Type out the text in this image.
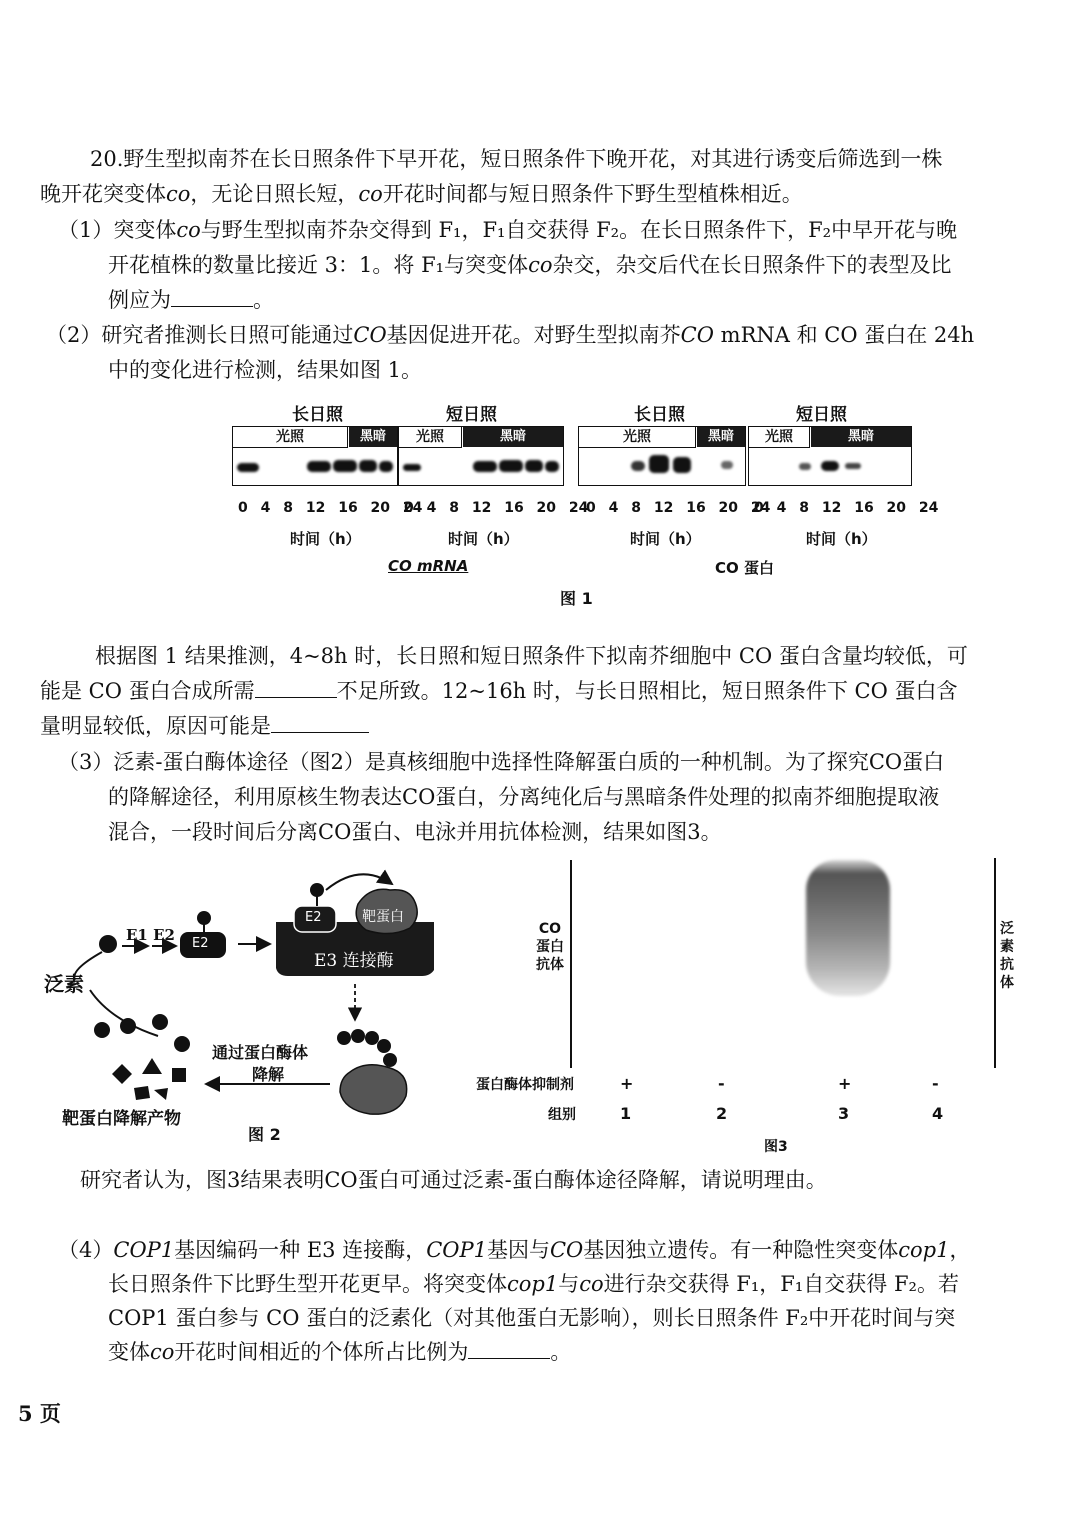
20.野生型拟南芥在长日照条件下早开花，短日照条件下晚开花，对其进行诱变后筛选到一株
晚开花突变体co，无论日照长短，co开花时间都与短日照条件下野生型植株相近。
（1）突变体co与野生型拟南芥杂交得到 F₁，F₁自交获得 F₂。在长日照条件下，F₂中早开花与晚
开花植株的数量比接近 3：1。将 F₁与突变体co杂交，杂交后代在长日照条件下的表型及比
例应为	。
（2）研究者推测长日照可能通过CO基因促进开花。对野生型拟南芥CO mRNA 和 CO 蛋白在 24h
中的变化进行检测，结果如图 1。
长日照	短日照	长日照	短日照
光照	黑暗	光照	黑暗	光照	黑暗	光照	黑暗
0 4 8 12 16 20 24
0 4 8 12 16 20 24
0 4 8 12 16 20 24
0 4 8 12 16 20 24
时间（h）	时间（h）	时间（h）	时间（h）
CO mRNA	CO 蛋白
图 1
根据图 1 结果推测，4~8h 时，长日照和短日照条件下拟南芥细胞中 CO 蛋白含量均较低，可
能是 CO 蛋白合成所需	不足所致。12~16h 时，与长日照相比，短日照条件下 CO 蛋白含
量明显较低，原因可能是
（3）泛素-蛋白酶体途径（图2）是真核细胞中选择性降解蛋白质的一种机制。为了探究CO蛋白
的降解途径，利用原核生物表达CO蛋白，分离纯化后与黑暗条件处理的拟南芥细胞提取液
混合，一段时间后分离CO蛋白、电泳并用抗体检测，结果如图3。
泛素
E1 E2 E2
E2	靶蛋白
E3 连接酶
通过蛋白酶体
降解
靶蛋白降解产物
图 2
CO蛋白抗体
泛素抗体
蛋白酶体抑制剂
组别
+	-	+	-
1	2	3	4
图3
研究者认为，图3结果表明CO蛋白可通过泛素-蛋白酶体途径降解，请说明理由。
（4）COP1基因编码一种 E3 连接酶，COP1基因与CO基因独立遗传。有一种隐性突变体cop1，
长日照条件下比野生型开花更早。将突变体cop1与co进行杂交获得 F₁，F₁自交获得 F₂。若
COP1 蛋白参与 CO 蛋白的泛素化（对其他蛋白无影响），则长日照条件 F₂中开花时间与突
变体co开花时间相近的个体所占比例为	。
5 页
